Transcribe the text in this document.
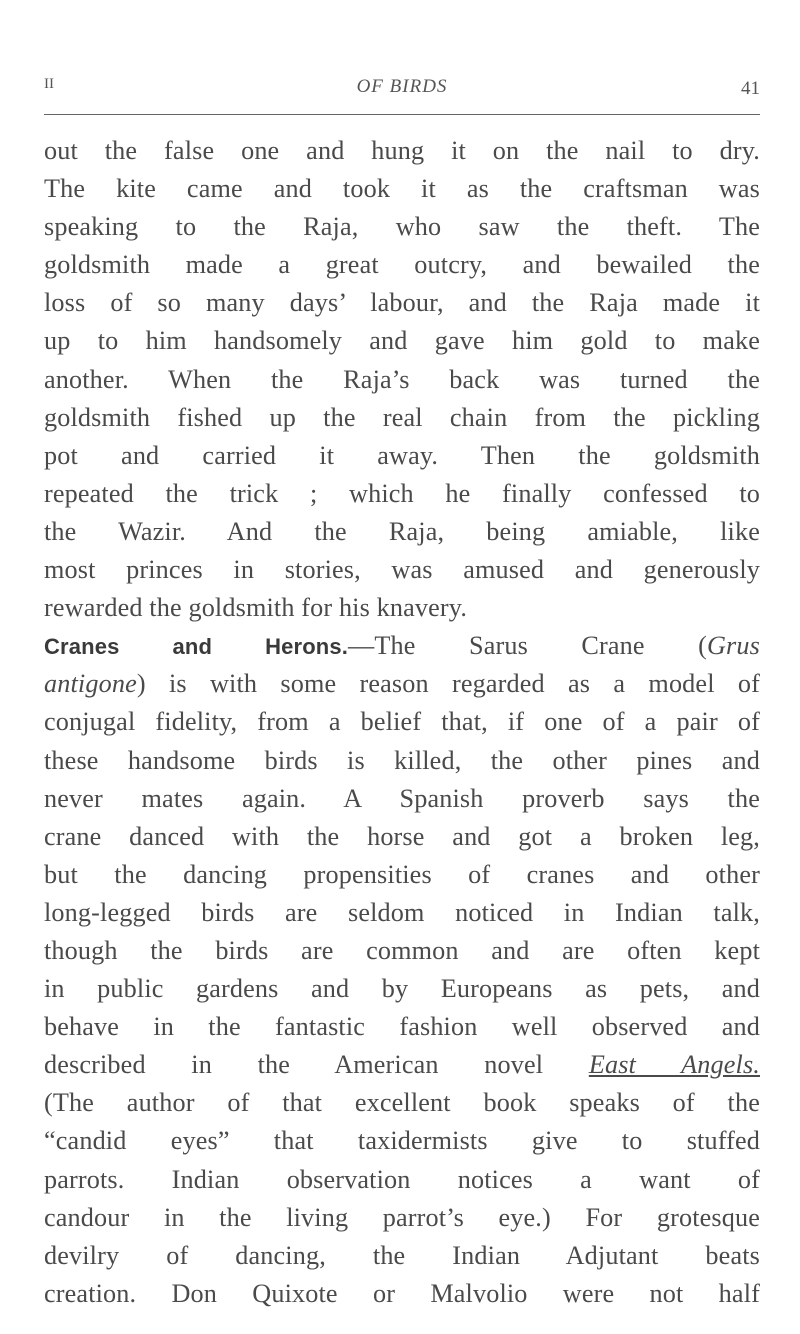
II	OF BIRDS	41
out the false one and hung it on the nail to dry.
The kite came and took it as the craftsman was
speaking to the Raja, who saw the theft. The
goldsmith made a great outcry, and bewailed the
loss of so many days’ labour, and the Raja made it
up to him handsomely and gave him gold to make
another. When the Raja’s back was turned the
goldsmith fished up the real chain from the pickling
pot and carried it away. Then the goldsmith
repeated the trick ; which he finally confessed to
the Wazir. And the Raja, being amiable, like
most princes in stories, was amused and generously
rewarded the goldsmith for his knavery.
Cranes and Herons.—The Sarus Crane (Grus
antigone) is with some reason regarded as a model of
conjugal fidelity, from a belief that, if one of a pair of
these handsome birds is killed, the other pines and
never mates again. A Spanish proverb says the
crane danced with the horse and got a broken leg,
but the dancing propensities of cranes and other
long-legged birds are seldom noticed in Indian talk,
though the birds are common and are often kept
in public gardens and by Europeans as pets, and
behave in the fantastic fashion well observed and
described in the American novel East Angels.
(The author of that excellent book speaks of the
“candid eyes” that taxidermists give to stuffed
parrots. Indian observation notices a want of
candour in the living parrot’s eye.) For grotesque
devilry of dancing, the Indian Adjutant beats
creation. Don Quixote or Malvolio were not half
